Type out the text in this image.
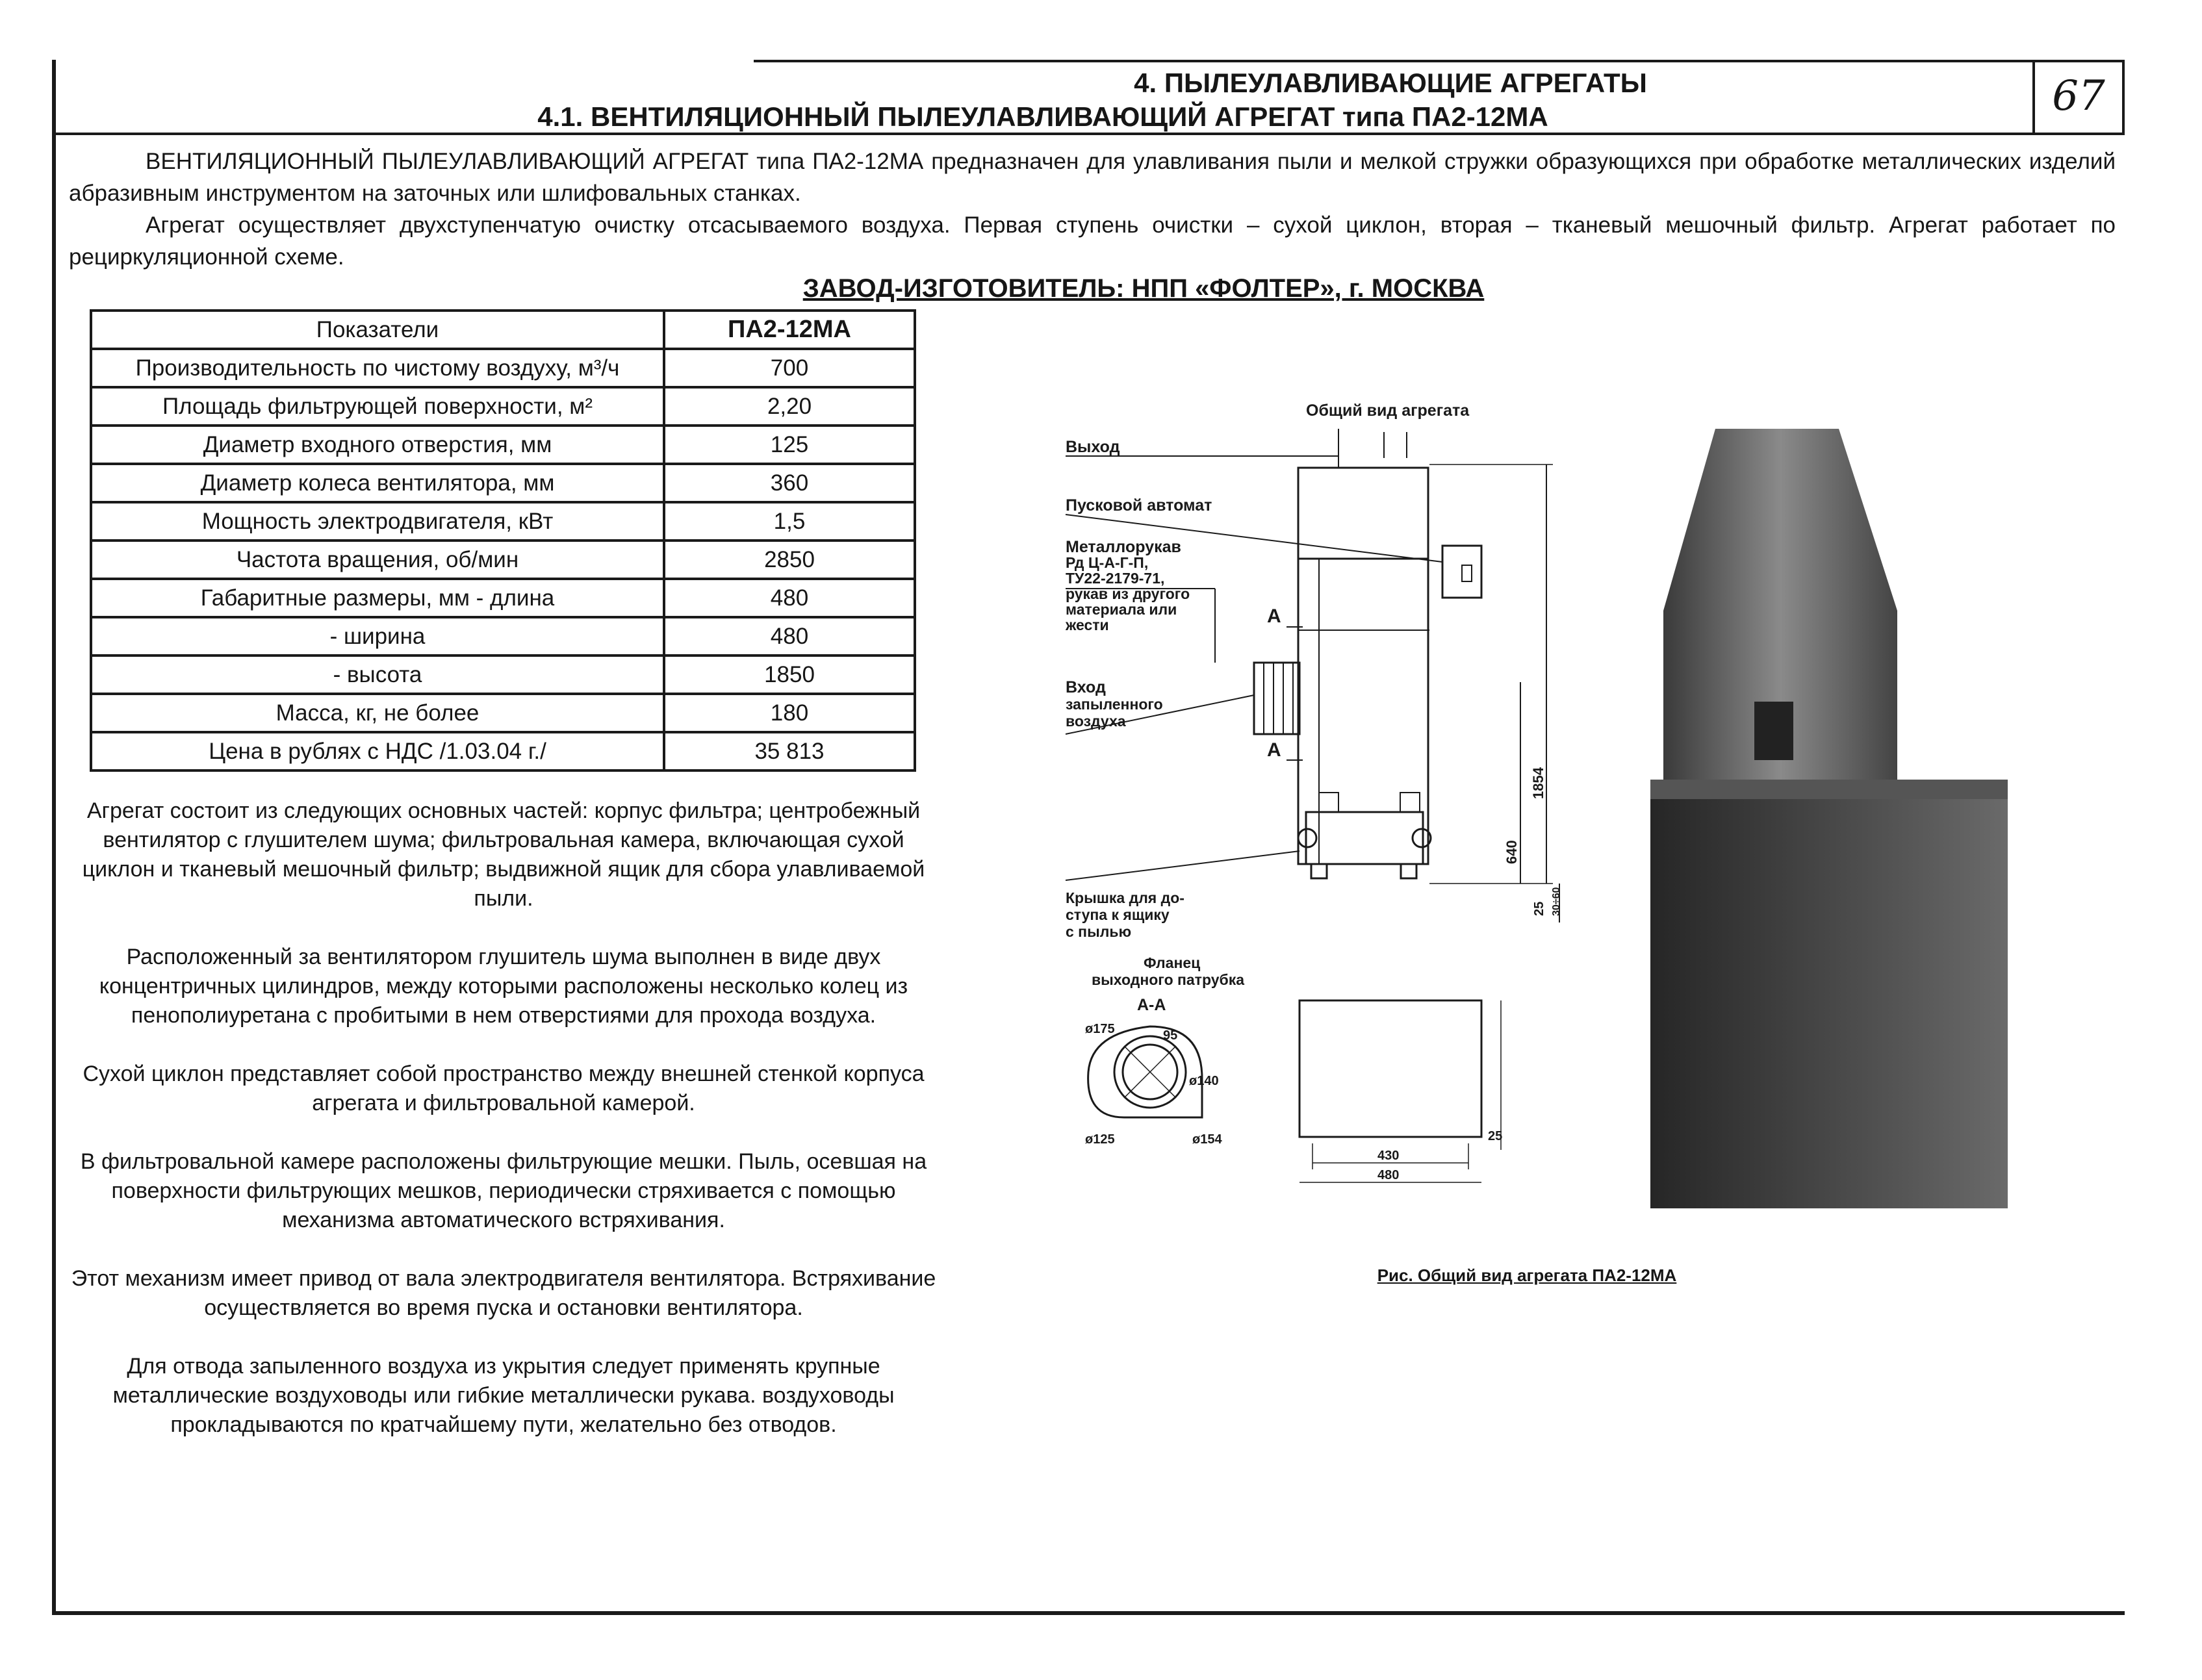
67
4. ПЫЛЕУЛАВЛИВАЮЩИЕ АГРЕГАТЫ
4.1. ВЕНТИЛЯЦИОННЫЙ ПЫЛЕУЛАВЛИВАЮЩИЙ АГРЕГАТ типа ПА2-12МА

ВЕНТИЛЯЦИОННЫЙ ПЫЛЕУЛАВЛИВАЮЩИЙ АГРЕГАТ типа ПА2-12МА предназначен для улавливания пыли и мелкой стружки образующихся при обработке металлических изделий абразивным инструментом на заточных или шлифовальных станках.

Агрегат осуществляет двухступенчатую очистку отсасываемого воздуха. Первая ступень очистки – сухой циклон, вторая – тканевый мешочный фильтр. Агрегат работает по рециркуляционной схеме.

ЗАВОД-ИЗГОТОВИТЕЛЬ: НПП «ФОЛТЕР», г. МОСКВА
Показатели	ПА2-12МА
Производительность по чистому воздуху, м³/ч	700
Площадь фильтрующей поверхности, м²	2,20
Диаметр входного отверстия, мм	125
Диаметр колеса вентилятора, мм	360
Мощность электродвигателя, кВт	1,5
Частота вращения, об/мин	2850
Габаритные размеры, мм - длина	480
- ширина	480
- высота	1850
Масса, кг, не более	180
Цена в рублях с НДС /1.03.04 г./	35 813

Агрегат состоит из следующих основных частей: корпус фильтра; центробежный вентилятор с глушителем шума; фильтровальная камера, включающая сухой циклон и тканевый мешочный фильтр; выдвижной ящик для сбора улавливаемой пыли.

Расположенный за вентилятором глушитель шума выполнен в виде двух концентричных цилиндров, между которыми расположены несколько колец из пенополиуретана с пробитыми в нем отверстиями для прохода воздуха.

Сухой циклон представляет собой пространство между внешней стенкой корпуса агрегата и фильтровальной камерой.

В фильтровальной камере расположены фильтрующие мешки. Пыль, осевшая на поверхности фильтрующих мешков, периодически стряхивается с помощью механизма автоматического встряхивания.

Этот механизм имеет привод от вала электродвигателя вентилятора. Встряхивание осуществляется во время пуска и остановки вентилятора.

Для отвода запыленного воздуха из укрытия следует применять крупные металлические воздуховоды или гибкие металлически рукава. воздуховоды прокладываются по кратчайшему пути, желательно без отводов.

Общий вид агрегата
Выход
Пусковой автомат
Металлорукав
Рд Ц-А-Г-П,
ТУ22-2179-71,
рукав из другого
материала или
жести
Вход
запыленного
воздуха
Крышка для до-
ступа к ящику
с пылью
Фланец
выходного патрубка
А
А
А-А
ø175	95
ø140
ø125	ø154
430
480
25
640
1854
25 30÷60
Рис. Общий вид агрегата ПА2-12МА
